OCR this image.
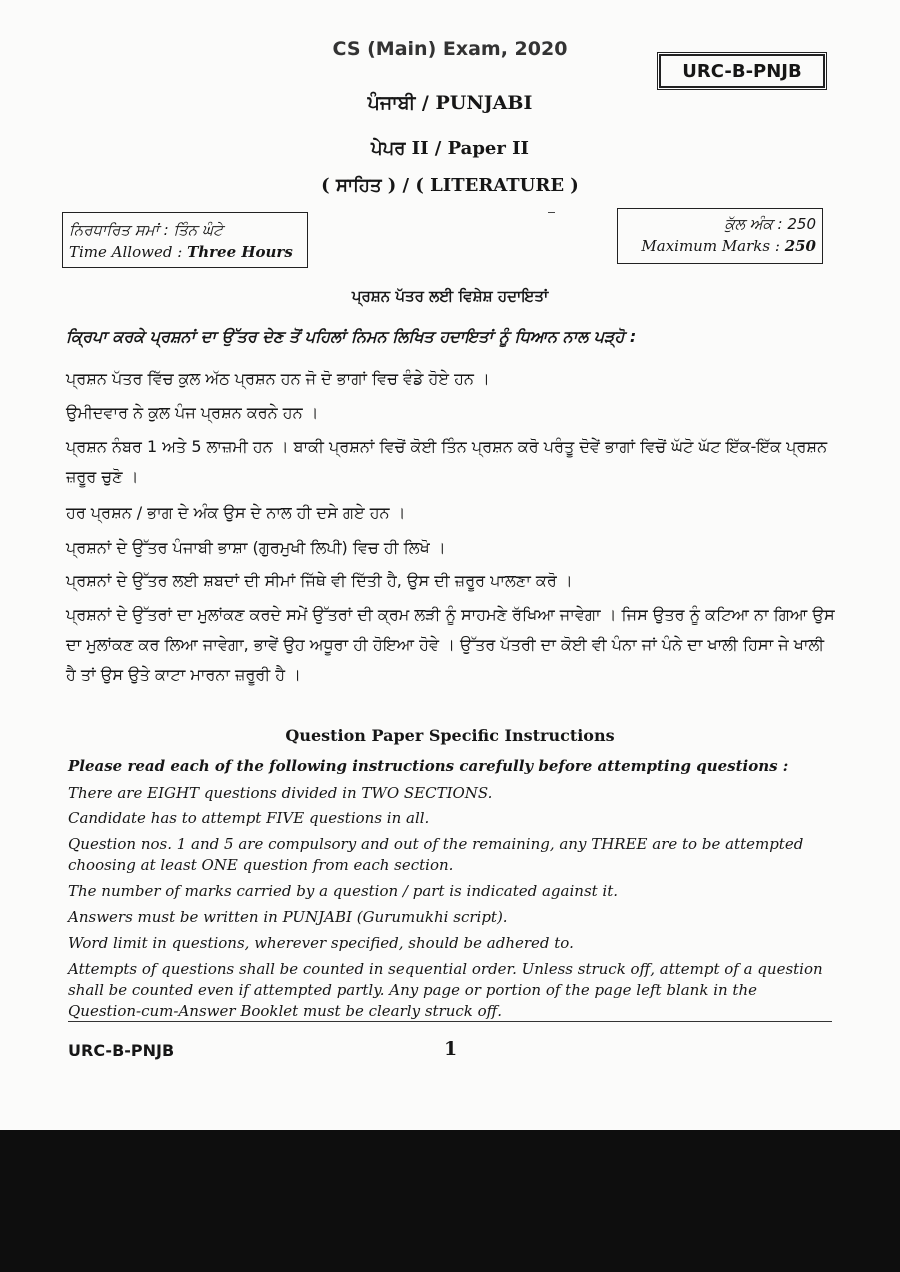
CS (Main) Exam, 2020
URC-B-PNJB
ਪੰਜਾਬੀ / PUNJABI
ਪੇਪਰ II / Paper II
( ਸਾਹਿਤ ) / ( LITERATURE )
ਨਿਰਧਾਰਿਤ ਸਮਾਂ : ਤਿੰਨ ਘੰਟੇ
Time Allowed : Three Hours
ਕੁੱਲ ਅੰਕ : 250
Maximum Marks : 250
ਪ੍ਰਸ਼ਨ ਪੱਤਰ ਲਈ ਵਿਸ਼ੇਸ਼ ਹਦਾਇਤਾਂ
ਕ੍ਰਿਪਾ ਕਰਕੇ ਪ੍ਰਸ਼ਨਾਂ ਦਾ ਉੱਤਰ ਦੇਣ ਤੋਂ ਪਹਿਲਾਂ ਨਿਮਨ ਲਿਖਿਤ ਹਦਾਇਤਾਂ ਨੂੰ ਧਿਆਨ ਨਾਲ ਪੜ੍ਹੋ :
ਪ੍ਰਸ਼ਨ ਪੱਤਰ ਵਿੱਚ ਕੁਲ ਅੱਠ ਪ੍ਰਸ਼ਨ ਹਨ ਜੋ ਦੋ ਭਾਗਾਂ ਵਿਚ ਵੰਡੇ ਹੋਏ ਹਨ ।
ਉਮੀਦਵਾਰ ਨੇ ਕੁਲ ਪੰਜ ਪ੍ਰਸ਼ਨ ਕਰਨੇ ਹਨ ।
ਪ੍ਰਸ਼ਨ ਨੰਬਰ 1 ਅਤੇ 5 ਲਾਜ਼ਮੀ ਹਨ । ਬਾਕੀ ਪ੍ਰਸ਼ਨਾਂ ਵਿਚੋਂ ਕੋਈ ਤਿੰਨ ਪ੍ਰਸ਼ਨ ਕਰੋ ਪਰੰਤੂ ਦੋਵੇਂ ਭਾਗਾਂ ਵਿਚੋਂ ਘੱਟੋ ਘੱਟ ਇੱਕ-ਇੱਕ ਪ੍ਰਸ਼ਨ ਜ਼ਰੂਰ ਚੁਣੋ ।
ਹਰ ਪ੍ਰਸ਼ਨ / ਭਾਗ ਦੇ ਅੰਕ ਉਸ ਦੇ ਨਾਲ ਹੀ ਦਸੇ ਗਏ ਹਨ ।
ਪ੍ਰਸ਼ਨਾਂ ਦੇ ਉੱਤਰ ਪੰਜਾਬੀ ਭਾਸ਼ਾ (ਗੁਰਮੁਖੀ ਲਿਪੀ) ਵਿਚ ਹੀ ਲਿਖੋ ।
ਪ੍ਰਸ਼ਨਾਂ ਦੇ ਉੱਤਰ ਲਈ ਸ਼ਬਦਾਂ ਦੀ ਸੀਮਾਂ ਜਿੱਥੇ ਵੀ ਦਿੱਤੀ ਹੈ, ਉਸ ਦੀ ਜ਼ਰੂਰ ਪਾਲਣਾ ਕਰੋ ।
ਪ੍ਰਸ਼ਨਾਂ ਦੇ ਉੱਤਰਾਂ ਦਾ ਮੁਲਾਂਕਣ ਕਰਦੇ ਸਮੇਂ ਉੱਤਰਾਂ ਦੀ ਕ੍ਰਮ ਲੜੀ ਨੂੰ ਸਾਹਮਣੇ ਰੱਖਿਆ ਜਾਵੇਗਾ । ਜਿਸ ਉਤਰ ਨੂੰ ਕਟਿਆ ਨਾ ਗਿਆ ਉਸ ਦਾ ਮੁਲਾਂਕਣ ਕਰ ਲਿਆ ਜਾਵੇਗਾ, ਭਾਵੇਂ ਉਹ ਅਧੂਰਾ ਹੀ ਹੋਇਆ ਹੋਵੇ । ਉੱਤਰ ਪੱਤਰੀ ਦਾ ਕੋਈ ਵੀ ਪੰਨਾ ਜਾਂ ਪੰਨੇ ਦਾ ਖਾਲੀ ਹਿਸਾ ਜੇ ਖਾਲੀ ਹੈ ਤਾਂ ਉਸ ਉਤੇ ਕਾਟਾ ਮਾਰਨਾ ਜ਼ਰੂਰੀ ਹੈ ।
Question Paper Specific Instructions
Please read each of the following instructions carefully before attempting questions :
There are EIGHT questions divided in TWO SECTIONS.
Candidate has to attempt FIVE questions in all.
Question nos. 1 and 5 are compulsory and out of the remaining, any THREE are to be attempted choosing at least ONE question from each section.
The number of marks carried by a question / part is indicated against it.
Answers must be written in PUNJABI (Gurumukhi script).
Word limit in questions, wherever specified, should be adhered to.
Attempts of questions shall be counted in sequential order. Unless struck off, attempt of a question shall be counted even if attempted partly. Any page or portion of the page left blank in the Question-cum-Answer Booklet must be clearly struck off.
URC-B-PNJB	1
